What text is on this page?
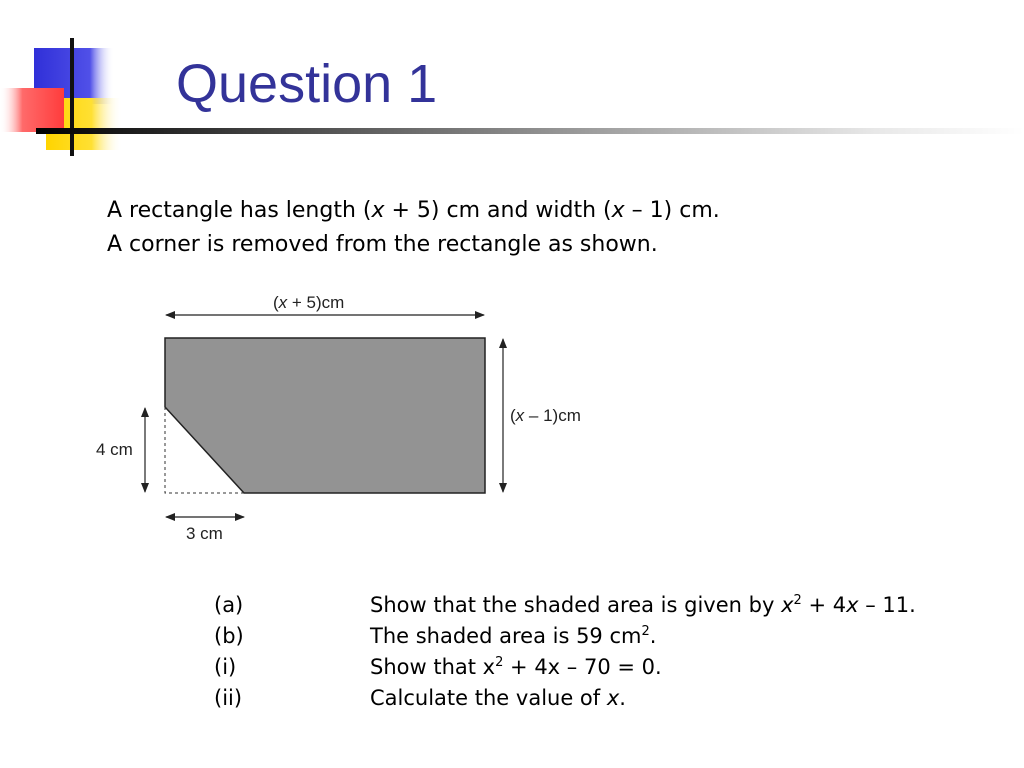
Question 1

A rectangle has length (x + 5) cm and width (x – 1) cm.

A corner is removed from the rectangle as shown.

(x + 5)cm
(x – 1)cm
4 cm
3 cm
(a)	Show that the shaded area is given by $x^2 + 4x - 11$.
(b)	The shaded area is 59 $cm^2$.
(i)	Show that $x^2 + 4x - 70 = 0$.
(ii)	Calculate the value of x.
